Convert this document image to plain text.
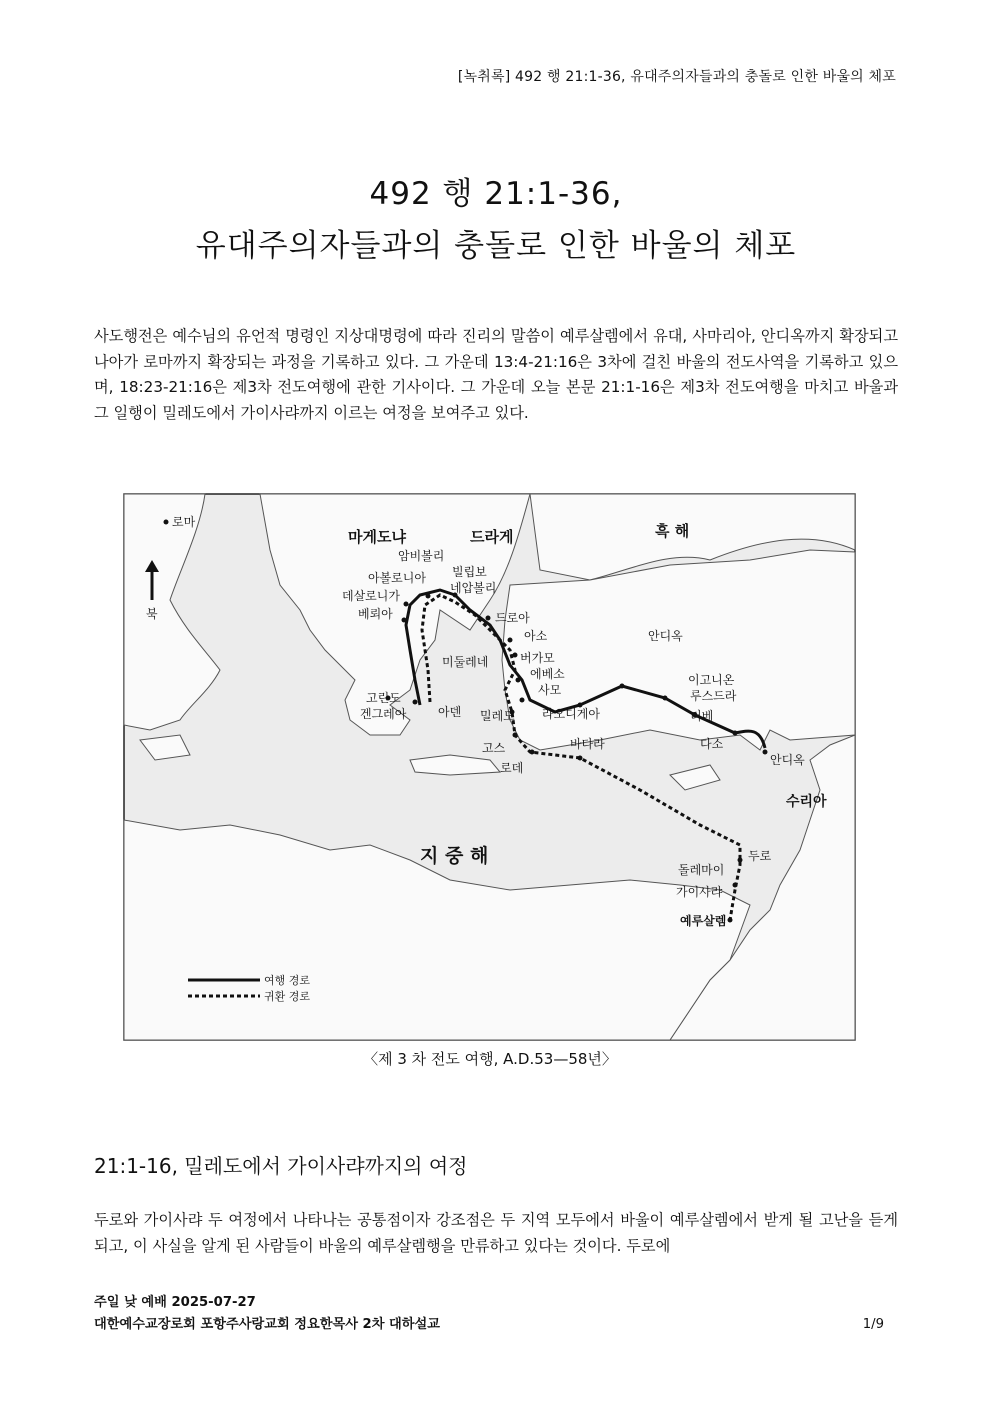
[녹취록] 492 행 21:1-36, 유대주의자들과의 충돌로 인한 바울의 체포
492 행 21:1-36,
유대주의자들과의 충돌로 인한 바울의 체포

사도행전은 예수님의 유언적 명령인 지상대명령에 따라 진리의 말씀이 예루살렘에서 유대, 사마리아, 안디옥까지 확장되고 나아가 로마까지 확장되는 과정을 기록하고 있다. 그 가운데 13:4-21:16은 3차에 걸친 바울의 전도사역을 기록하고 있으며, 18:23-21:16은 제3차 전도여행에 관한 기사이다. 그 가운데 오늘 본문 21:1-16은 제3차 전도여행을 마치고 바울과 그 일행이 밀레도에서 가이사랴까지 이르는 여정을 보여주고 있다.

북
로마
마게도냐	드라게	흑 해
암비볼리
빌립보
네압볼리
아볼로니아
데살로니가
베뢰아	드로아
아소
미둘레네	버가모
에베소
사모
고린도
겐그레아	아덴 밀레도 라오디게아
고스
로데
바다라
안디옥
이고니온
루스드라
더베
다소
안디옥
수리아
지 중 해	두로
돌레마이
가이사랴
예루살렘
여행 경로
귀환 경로
〈제 3 차 전도 여행, A.D.53—58년〉
21:1-16, 밀레도에서 가이사랴까지의 여정

두로와 가이사랴 두 여정에서 나타나는 공통점이자 강조점은 두 지역 모두에서 바울이 예루살렘에서 받게 될 고난을 듣게 되고, 이 사실을 알게 된 사람들이 바울의 예루살렘행을 만류하고 있다는 것이다. 두로에

주일 낮 예배 2025-07-27
대한예수교장로회 포항주사랑교회 정요한목사 2차 대하설교	1/9
